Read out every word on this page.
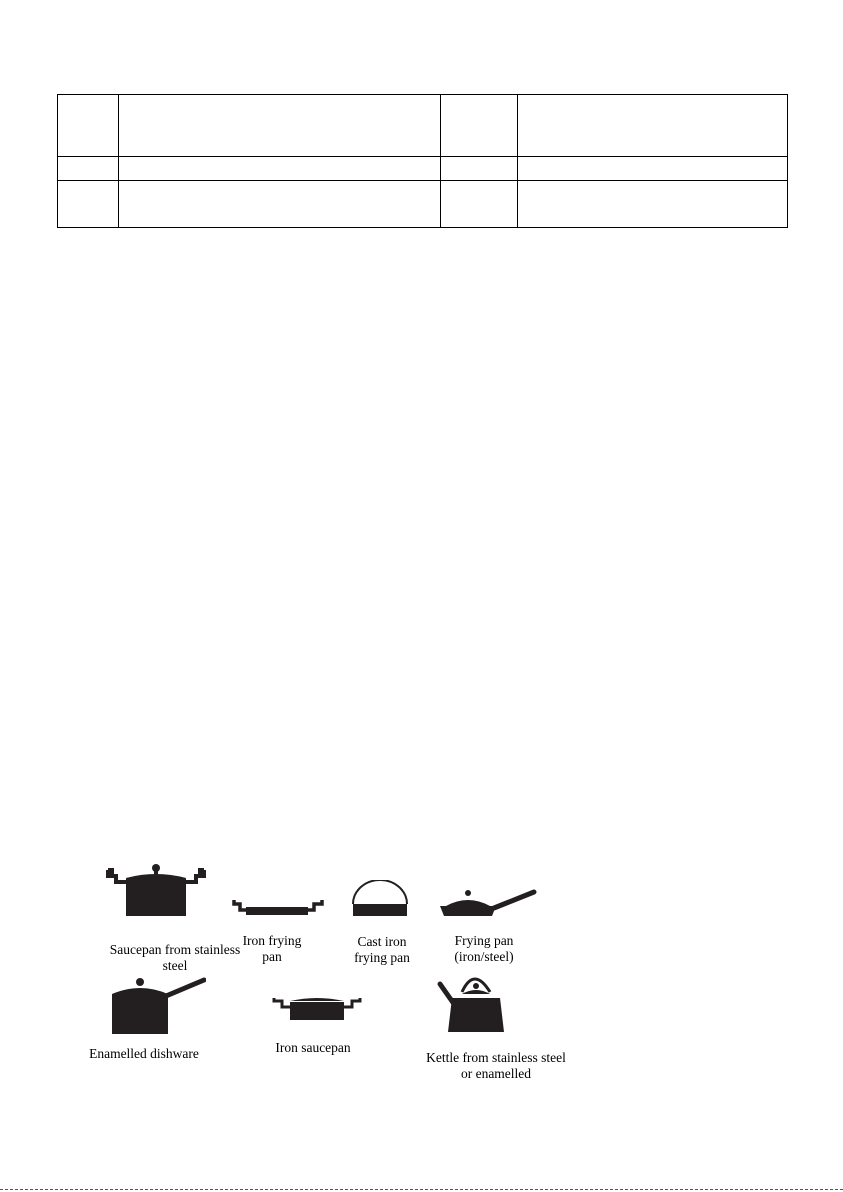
Saucepan from stainless
steel
Iron frying
pan
Cast iron
frying pan
Frying pan
(iron/steel)
Enamelled dishware	Iron saucepan
Kettle from stainless steel
or enamelled
